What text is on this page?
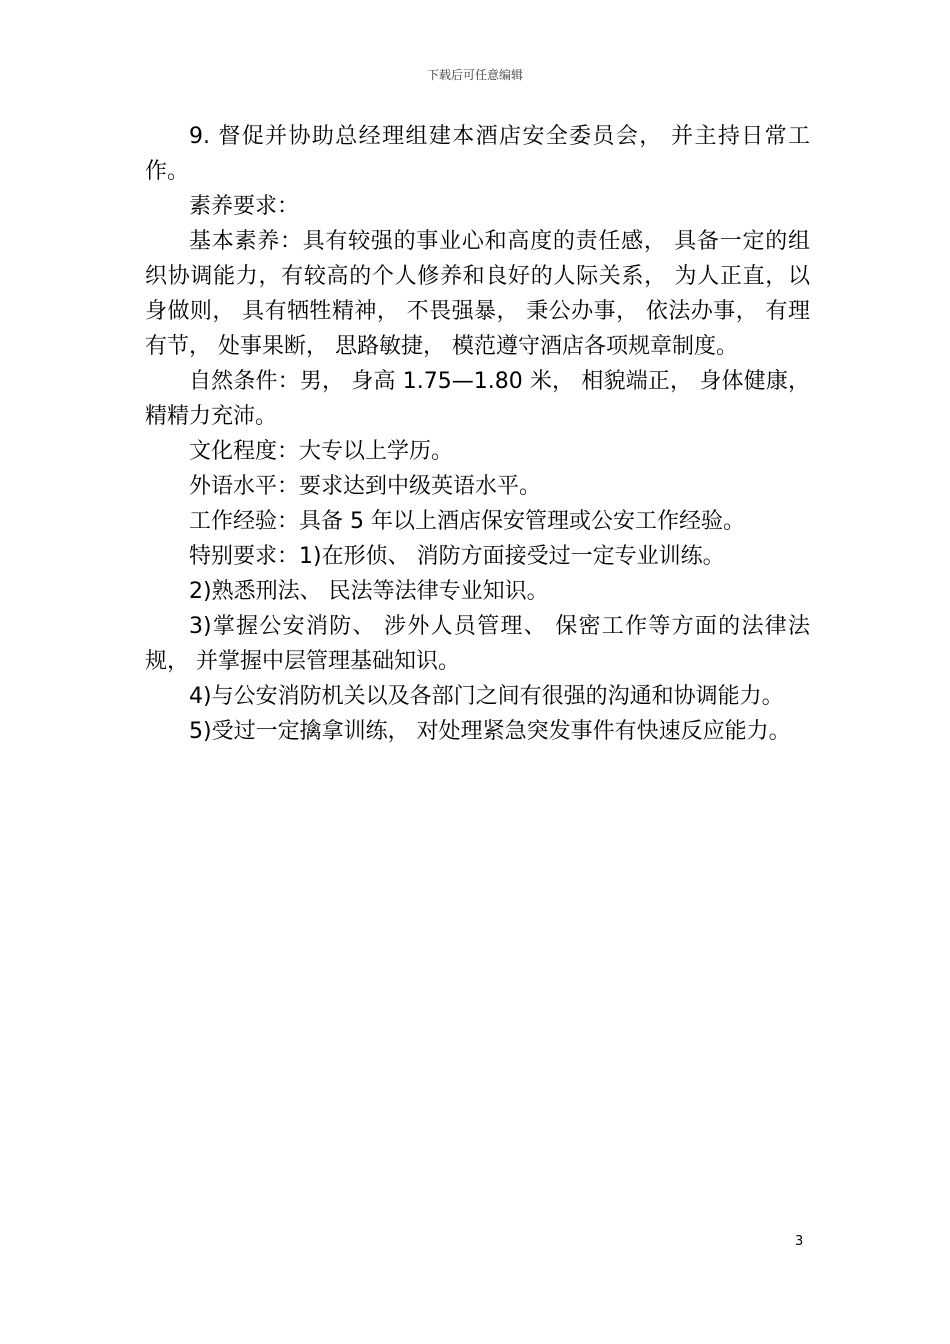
下载后可任意编辑

9. 督促并协助总经理组建本酒店安全委员会， 并主持日常工作。

素养要求：

基本素养：具有较强的事业心和高度的责任感， 具备一定的组织协调能力，有较高的个人修养和良好的人际关系， 为人正直，以身做则， 具有牺牲精神， 不畏强暴， 秉公办事， 依法办事， 有理有节， 处事果断， 思路敏捷， 模范遵守酒店各项规章制度。

自然条件：男， 身高 1.75—1.80 米， 相貌端正， 身体健康，精精力充沛。

文化程度：大专以上学历。

外语水平：要求达到中级英语水平。

工作经验：具备 5 年以上酒店保安管理或公安工作经验。

特别要求：1)在形侦、 消防方面接受过一定专业训练。

2)熟悉刑法、 民法等法律专业知识。

3)掌握公安消防、 涉外人员管理、 保密工作等方面的法律法规， 并掌握中层管理基础知识。

4)与公安消防机关以及各部门之间有很强的沟通和协调能力。

5)受过一定擒拿训练， 对处理紧急突发事件有快速反应能力。

3
